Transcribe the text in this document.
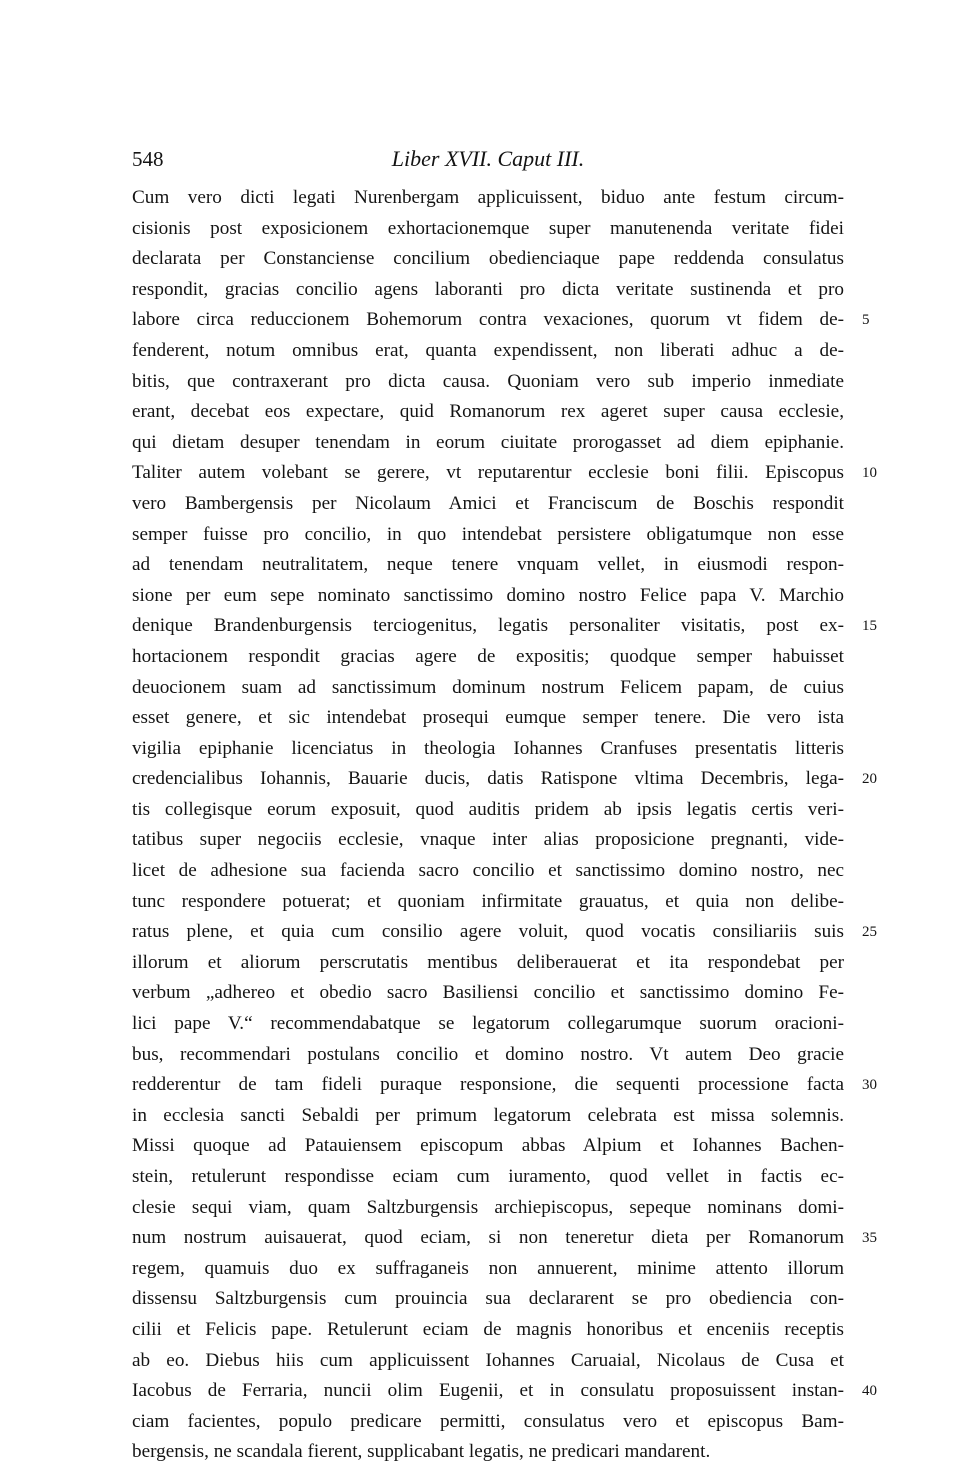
548	Liber XVII. Caput III.
Cum vero dicti legati Nurenbergam applicuissent, biduo ante festum circum-
cisionis post exposicionem exhortacionemque super manutenenda veritate fidei
declarata per Constanciense concilium obedienciaque pape reddenda consulatus
respondit, gracias concilio agens laboranti pro dicta veritate sustinenda et pro
labore circa reduccionem Bohemorum contra vexaciones, quorum vt fidem de- 5
fenderent, notum omnibus erat, quanta expendissent, non liberati adhuc a de-
bitis, que contraxerant pro dicta causa. Quoniam vero sub imperio inmediate
erant, decebat eos expectare, quid Romanorum rex ageret super causa ecclesie,
qui dietam desuper tenendam in eorum ciuitate prorogasset ad diem epiphanie.
Taliter autem volebant se gerere, vt reputarentur ecclesie boni filii. Episcopus 10
vero Bambergensis per Nicolaum Amici et Franciscum de Boschis respondit
semper fuisse pro concilio, in quo intendebat persistere obligatumque non esse
ad tenendam neutralitatem, neque tenere vnquam vellet, in eiusmodi respon-
sione per eum sepe nominato sanctissimo domino nostro Felice papa V. Marchio
denique Brandenburgensis terciogenitus, legatis personaliter visitatis, post ex- 15
hortacionem respondit gracias agere de expositis; quodque semper habuisset
deuocionem suam ad sanctissimum dominum nostrum Felicem papam, de cuius
esset genere, et sic intendebat prosequi eumque semper tenere. Die vero ista
vigilia epiphanie licenciatus in theologia Iohannes Cranfuses presentatis litteris
credencialibus Iohannis, Bauarie ducis, datis Ratispone vltima Decembris, lega- 20
tis collegisque eorum exposuit, quod auditis pridem ab ipsis legatis certis veri-
tatibus super negociis ecclesie, vnaque inter alias proposicione pregnanti, vide-
licet de adhesione sua facienda sacro concilio et sanctissimo domino nostro, nec
tunc respondere potuerat; et quoniam infirmitate grauatus, et quia non delibe-
ratus plene, et quia cum consilio agere voluit, quod vocatis consiliariis suis 25
illorum et aliorum perscrutatis mentibus deliberauerat et ita respondebat per
verbum „adhereo et obedio sacro Basiliensi concilio et sanctissimo domino Fe-
lici pape V.“ recommendabatque se legatorum collegarumque suorum oracioni-
bus, recommendari postulans concilio et domino nostro. Vt autem Deo gracie
redderentur de tam fideli puraque responsione, die sequenti processione facta 30
in ecclesia sancti Sebaldi per primum legatorum celebrata est missa solemnis.
Missi quoque ad Patauiensem episcopum abbas Alpium et Iohannes Bachen-
stein, retulerunt respondisse eciam cum iuramento, quod vellet in factis ec-
clesie sequi viam, quam Saltzburgensis archiepiscopus, sepeque nominans domi-
num nostrum auisauerat, quod eciam, si non teneretur dieta per Romanorum 35
regem, quamuis duo ex suffraganeis non annuerent, minime attento illorum
dissensu Saltzburgensis cum prouincia sua declararent se pro obediencia con-
cilii et Felicis pape. Retulerunt eciam de magnis honoribus et enceniis receptis
ab eo. Diebus hiis cum applicuissent Iohannes Caruaial, Nicolaus de Cusa et
Iacobus de Ferraria, nuncii olim Eugenii, et in consulatu proposuissent instan- 40
ciam facientes, populo predicare permitti, consulatus vero et episcopus Bam-
bergensis, ne scandala fierent, supplicabant legatis, ne predicari mandarent.
